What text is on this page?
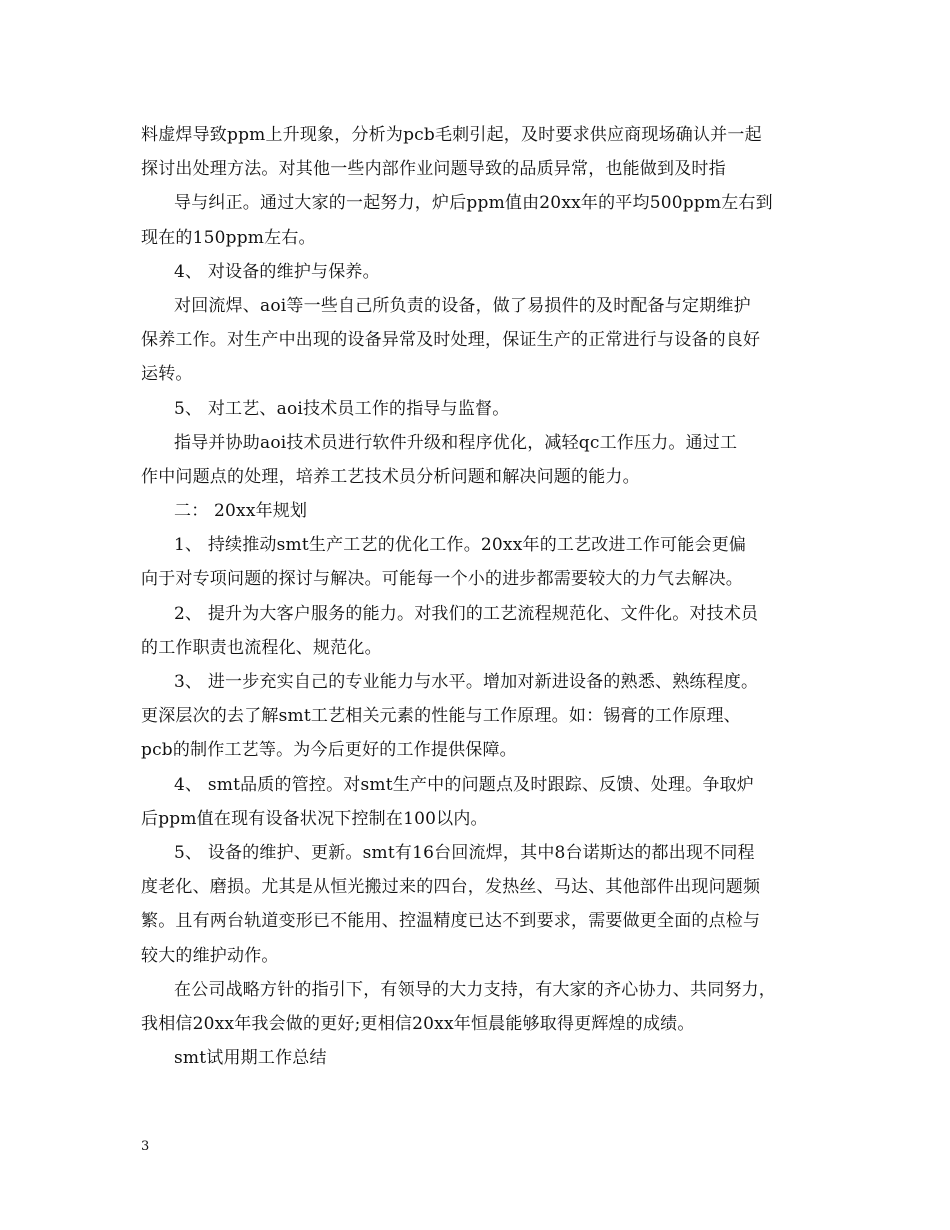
料虚焊导致ppm上升现象，分析为pcb毛刺引起，及时要求供应商现场确认并一起
探讨出处理方法。对其他一些内部作业问题导致的品质异常，也能做到及时指
导与纠正。通过大家的一起努力，炉后ppm值由20xx年的平均500ppm左右到
现在的150ppm左右。
4、 对设备的维护与保养。
对回流焊、aoi等一些自己所负责的设备，做了易损件的及时配备与定期维护
保养工作。对生产中出现的设备异常及时处理，保证生产的正常进行与设备的良好
运转。
5、 对工艺、aoi技术员工作的指导与监督。
指导并协助aoi技术员进行软件升级和程序优化，减轻qc工作压力。通过工
作中问题点的处理，培养工艺技术员分析问题和解决问题的能力。
二： 20xx年规划
1、 持续推动smt生产工艺的优化工作。20xx年的工艺改进工作可能会更偏
向于对专项问题的探讨与解决。可能每一个小的进步都需要较大的力气去解决。
2、 提升为大客户服务的能力。对我们的工艺流程规范化、文件化。对技术员
的工作职责也流程化、规范化。
3、 进一步充实自己的专业能力与水平。增加对新进设备的熟悉、熟练程度。
更深层次的去了解smt工艺相关元素的性能与工作原理。如：锡膏的工作原理、
pcb的制作工艺等。为今后更好的工作提供保障。
4、 smt品质的管控。对smt生产中的问题点及时跟踪、反馈、处理。争取炉
后ppm值在现有设备状况下控制在100以内。
5、 设备的维护、更新。smt有16台回流焊，其中8台诺斯达的都出现不同程
度老化、磨损。尤其是从恒光搬过来的四台，发热丝、马达、其他部件出现问题频
繁。且有两台轨道变形已不能用、控温精度已达不到要求，需要做更全面的点检与
较大的维护动作。
在公司战略方针的指引下，有领导的大力支持，有大家的齐心协力、共同努力，
我相信20xx年我会做的更好;更相信20xx年恒晨能够取得更辉煌的成绩。
smt试用期工作总结
3
